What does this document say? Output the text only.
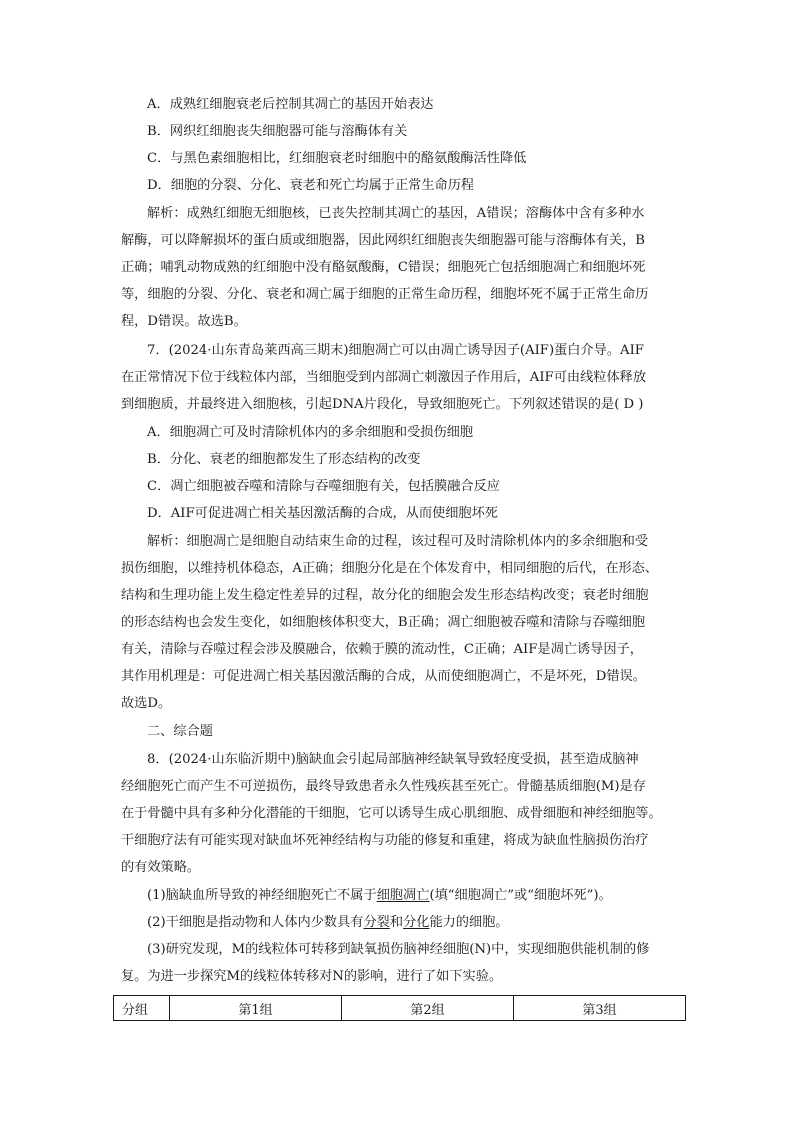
A．成熟红细胞衰老后控制其凋亡的基因开始表达
B．网织红细胞丧失细胞器可能与溶酶体有关
C．与黑色素细胞相比，红细胞衰老时细胞中的酪氨酸酶活性降低
D．细胞的分裂、分化、衰老和死亡均属于正常生命历程
解析：成熟红细胞无细胞核，已丧失控制其凋亡的基因，A错误；溶酶体中含有多种水
解酶，可以降解损坏的蛋白质或细胞器，因此网织红细胞丧失细胞器可能与溶酶体有关，B
正确；哺乳动物成熟的红细胞中没有酪氨酸酶，C错误；细胞死亡包括细胞凋亡和细胞坏死
等，细胞的分裂、分化、衰老和凋亡属于细胞的正常生命历程，细胞坏死不属于正常生命历
程，D错误。故选B。
7．(2024·山东青岛莱西高三期末)细胞凋亡可以由凋亡诱导因子(AIF)蛋白介导。AIF
在正常情况下位于线粒体内部，当细胞受到内部凋亡刺激因子作用后，AIF可由线粒体释放
到细胞质，并最终进入细胞核，引起DNA片段化，导致细胞死亡。下列叙述错误的是( D )
A．细胞凋亡可及时清除机体内的多余细胞和受损伤细胞
B．分化、衰老的细胞都发生了形态结构的改变
C．凋亡细胞被吞噬和清除与吞噬细胞有关，包括膜融合反应
D．AIF可促进凋亡相关基因激活酶的合成，从而使细胞坏死
解析：细胞凋亡是细胞自动结束生命的过程，该过程可及时清除机体内的多余细胞和受
损伤细胞，以维持机体稳态，A正确；细胞分化是在个体发育中，相同细胞的后代，在形态、
结构和生理功能上发生稳定性差异的过程，故分化的细胞会发生形态结构改变；衰老时细胞
的形态结构也会发生变化，如细胞核体积变大，B正确；凋亡细胞被吞噬和清除与吞噬细胞
有关，清除与吞噬过程会涉及膜融合，依赖于膜的流动性，C正确；AIF是凋亡诱导因子，
其作用机理是：可促进凋亡相关基因激活酶的合成，从而使细胞凋亡，不是坏死，D错误。
故选D。
二、综合题
8．(2024·山东临沂期中)脑缺血会引起局部脑神经缺氧导致轻度受损，甚至造成脑神
经细胞死亡而产生不可逆损伤，最终导致患者永久性残疾甚至死亡。骨髓基质细胞(M)是存
在于骨髓中具有多种分化潜能的干细胞，它可以诱导生成心肌细胞、成骨细胞和神经细胞等。
干细胞疗法有可能实现对缺血坏死神经结构与功能的修复和重建，将成为缺血性脑损伤治疗
的有效策略。
(1)脑缺血所导致的神经细胞死亡不属于细胞凋亡(填“细胞凋亡”或“细胞坏死”)。
(2)干细胞是指动物和人体内少数具有分裂和分化能力的细胞。
(3)研究发现，M的线粒体可转移到缺氧损伤脑神经细胞(N)中，实现细胞供能机制的修
复。为进一步探究M的线粒体转移对N的影响，进行了如下实验。
分组	第1组	第2组	第3组
